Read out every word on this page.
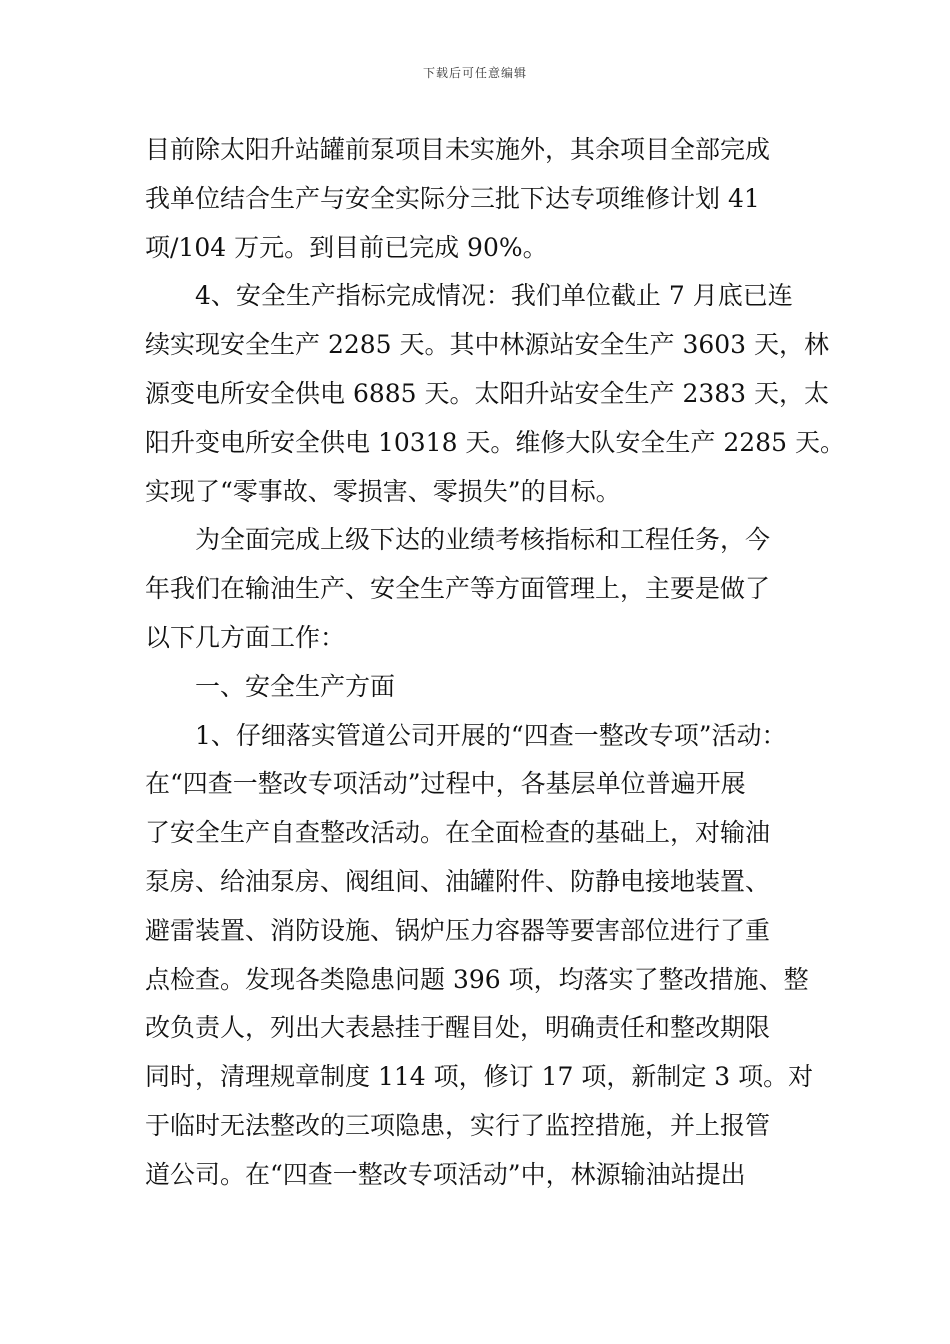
下载后可任意编辑
目前除太阳升站罐前泵项目未实施外，其余项目全部完成
我单位结合生产与安全实际分三批下达专项维修计划 41
项/104 万元。到目前已完成 90%。
4、安全生产指标完成情况：我们单位截止 7 月底已连
续实现安全生产 2285 天。其中林源站安全生产 3603 天，林
源变电所安全供电 6885 天。太阳升站安全生产 2383 天，太
阳升变电所安全供电 10318 天。维修大队安全生产 2285 天。
实现了“零事故、零损害、零损失”的目标。
为全面完成上级下达的业绩考核指标和工程任务，今
年我们在输油生产、安全生产等方面管理上，主要是做了
以下几方面工作：
一、安全生产方面
1、仔细落实管道公司开展的“四查一整改专项”活动：
在“四查一整改专项活动”过程中，各基层单位普遍开展
了安全生产自查整改活动。在全面检查的基础上，对输油
泵房、给油泵房、阀组间、油罐附件、防静电接地装置、
避雷装置、消防设施、锅炉压力容器等要害部位进行了重
点检查。发现各类隐患问题 396 项，均落实了整改措施、整
改负责人，列出大表悬挂于醒目处，明确责任和整改期限
同时，清理规章制度 114 项，修订 17 项，新制定 3 项。对
于临时无法整改的三项隐患，实行了监控措施，并上报管
道公司。在“四查一整改专项活动”中，林源输油站提出
